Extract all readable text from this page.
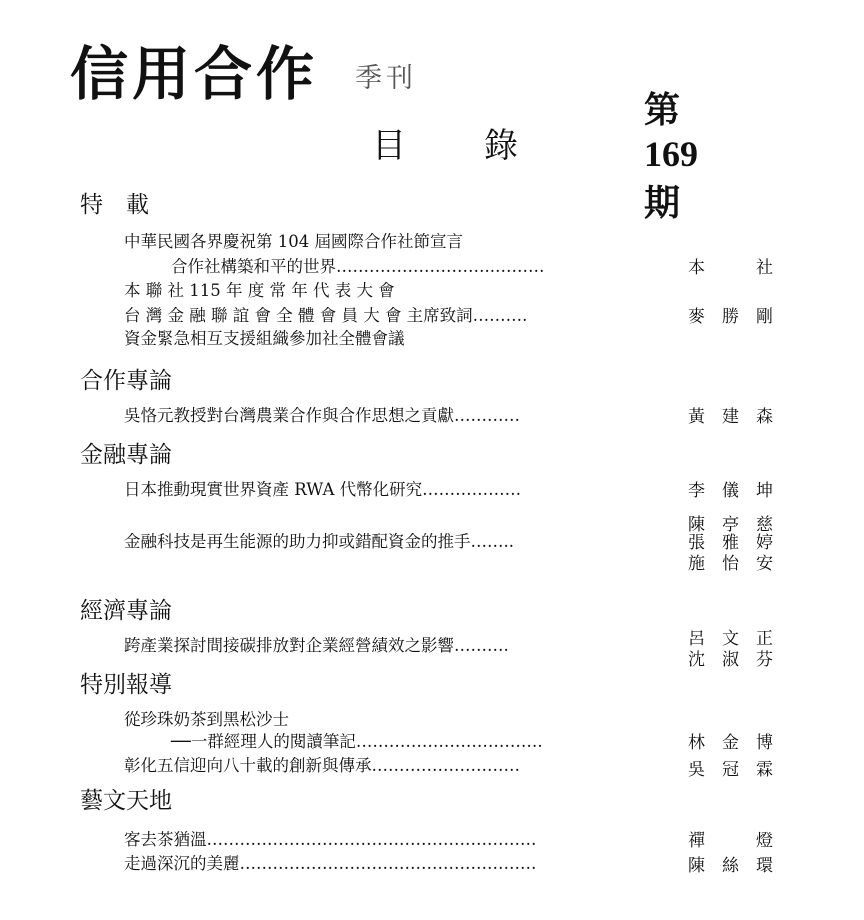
信用合作 季刊
第169期
目錄
特　載
中華民國各界慶祝第 104 屆國際合作社節宣言
合作社構築和平的世界………………………..………	本	社
本 聯 社 115 年 度 常 年 代 表 大 會
台 灣 金 融 聯 誼 會 全 體 會 員 大 會 主席致詞……….	麥 勝 剛
資金緊急相互支援組織參加社全體會議
合作專論
吳恪元教授對台灣農業合作與合作思想之貢獻…………	黃 建 森
金融專論
日本推動現實世界資產 RWA 代幣化研究………………	李 儀 坤
金融科技是再生能源的助力抑或錯配資金的推手……..
陳 亭 慈
張 雅 婷
施 怡 安
經濟專論
跨產業探討間接碳排放對企業經營績效之影響……….	呂 文 正
沈 淑 芬
特別報導
從珍珠奶茶到黑松沙士
──一群經理人的閱讀筆記…………………………….	林 金 博
彰化五信迎向八十載的創新與傳承………………………	吳 冠 霖
藝文天地
客去茶猶溫……………………………………………………	禪	燈
走過深沉的美麗………………………………………………	陳 絲 環
